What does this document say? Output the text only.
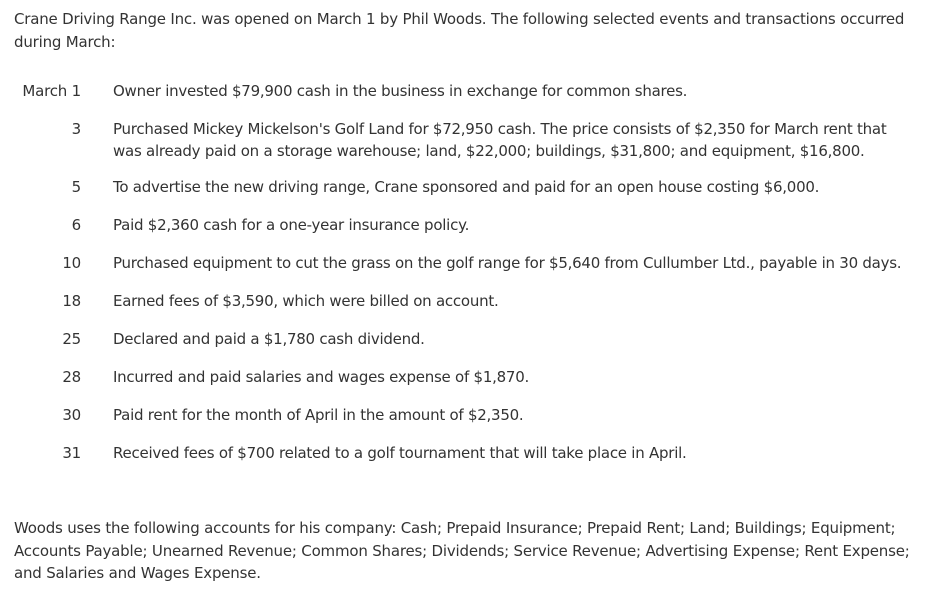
Crane Driving Range Inc. was opened on March 1 by Phil Woods. The following selected events and transactions occurred during March:
March 1 Owner invested $79,900 cash in the business in exchange for common shares.
3 Purchased Mickey Mickelson's Golf Land for $72,950 cash. The price consists of $2,350 for March rent that was already paid on a storage warehouse; land, $22,000; buildings, $31,800; and equipment, $16,800.
5 To advertise the new driving range, Crane sponsored and paid for an open house costing $6,000.
6 Paid $2,360 cash for a one-year insurance policy.
10 Purchased equipment to cut the grass on the golf range for $5,640 from Cullumber Ltd., payable in 30 days.
18 Earned fees of $3,590, which were billed on account.
25 Declared and paid a $1,780 cash dividend.
28 Incurred and paid salaries and wages expense of $1,870.
30 Paid rent for the month of April in the amount of $2,350.
31 Received fees of $700 related to a golf tournament that will take place in April.
Woods uses the following accounts for his company: Cash; Prepaid Insurance; Prepaid Rent; Land; Buildings; Equipment; Accounts Payable; Unearned Revenue; Common Shares; Dividends; Service Revenue; Advertising Expense; Rent Expense; and Salaries and Wages Expense.
